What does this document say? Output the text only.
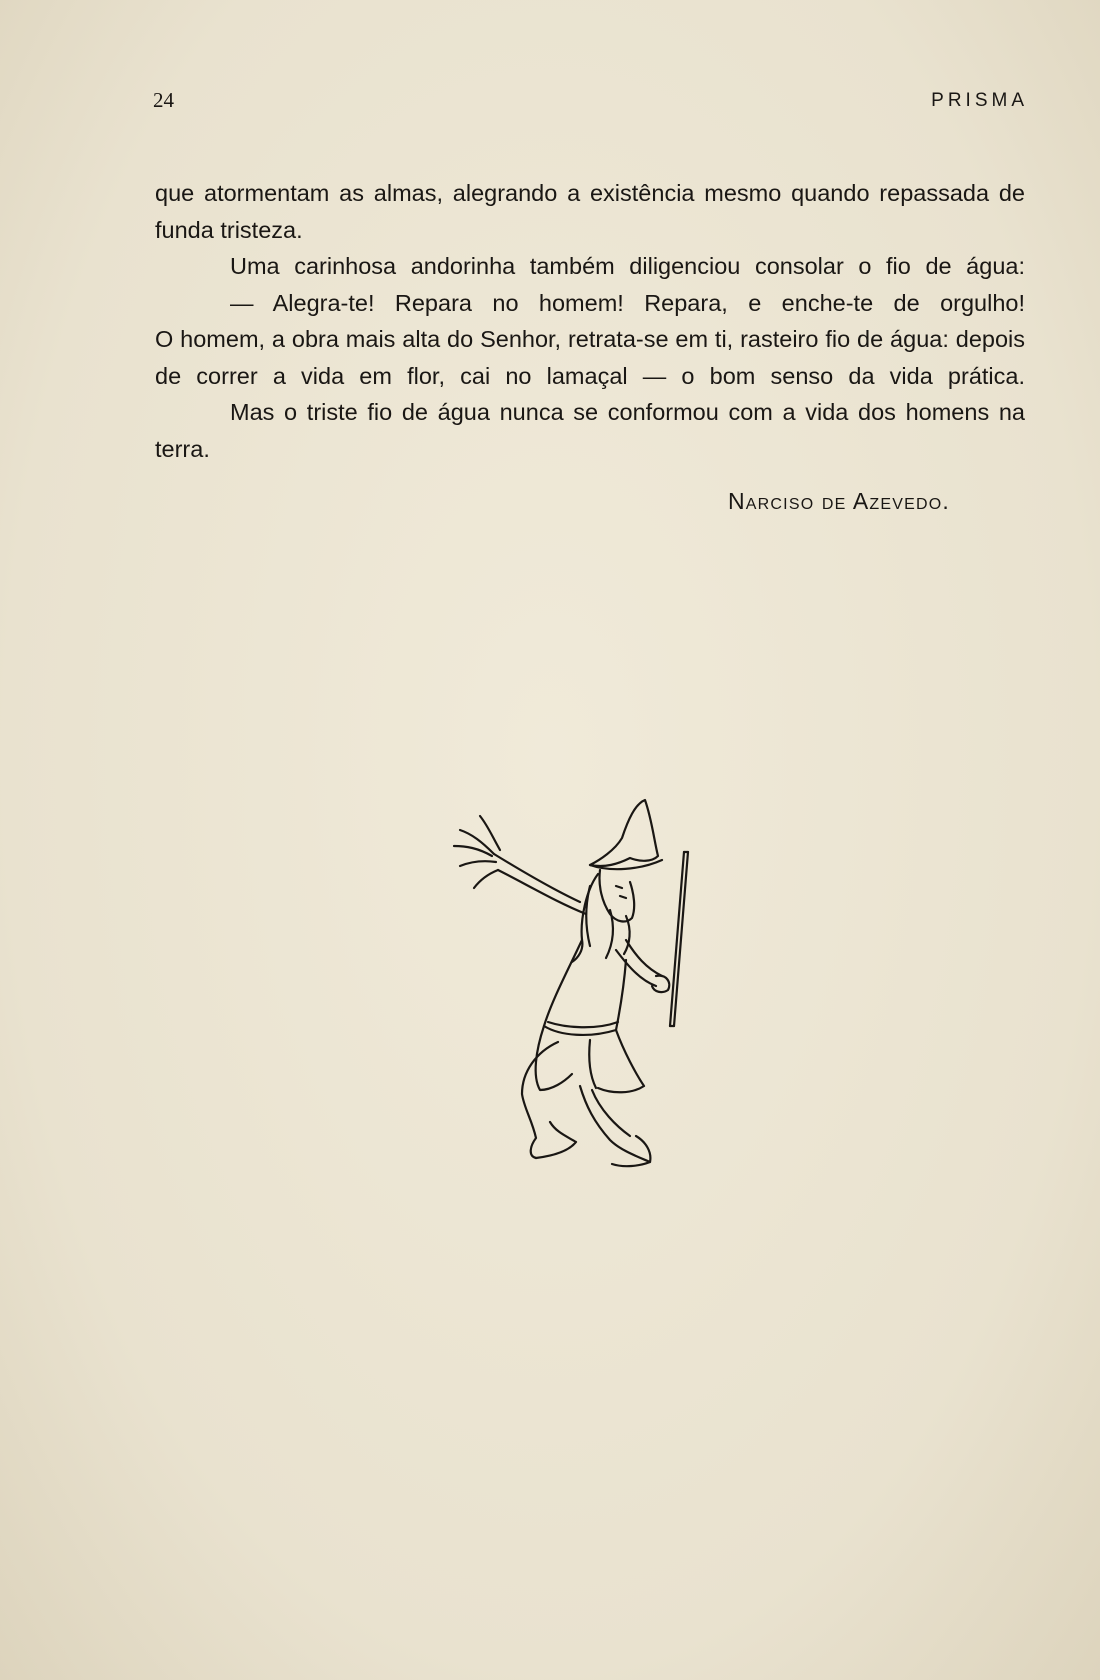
24	PRISMA

que atormentam as almas, alegrando a existência mesmo quando repassada de funda tristeza.

Uma carinhosa andorinha também diligenciou consolar o fio de água:

— Alegra-te! Repara no homem! Repara, e enche-te de orgulho!

O homem, a obra mais alta do Senhor, retrata-se em ti, rasteiro fio de água: depois de correr a vida em flor, cai no lamaçal — o bom senso da vida prática.

Mas o triste fio de água nunca se conformou com a vida dos homens na terra.

Narciso de Azevedo.
